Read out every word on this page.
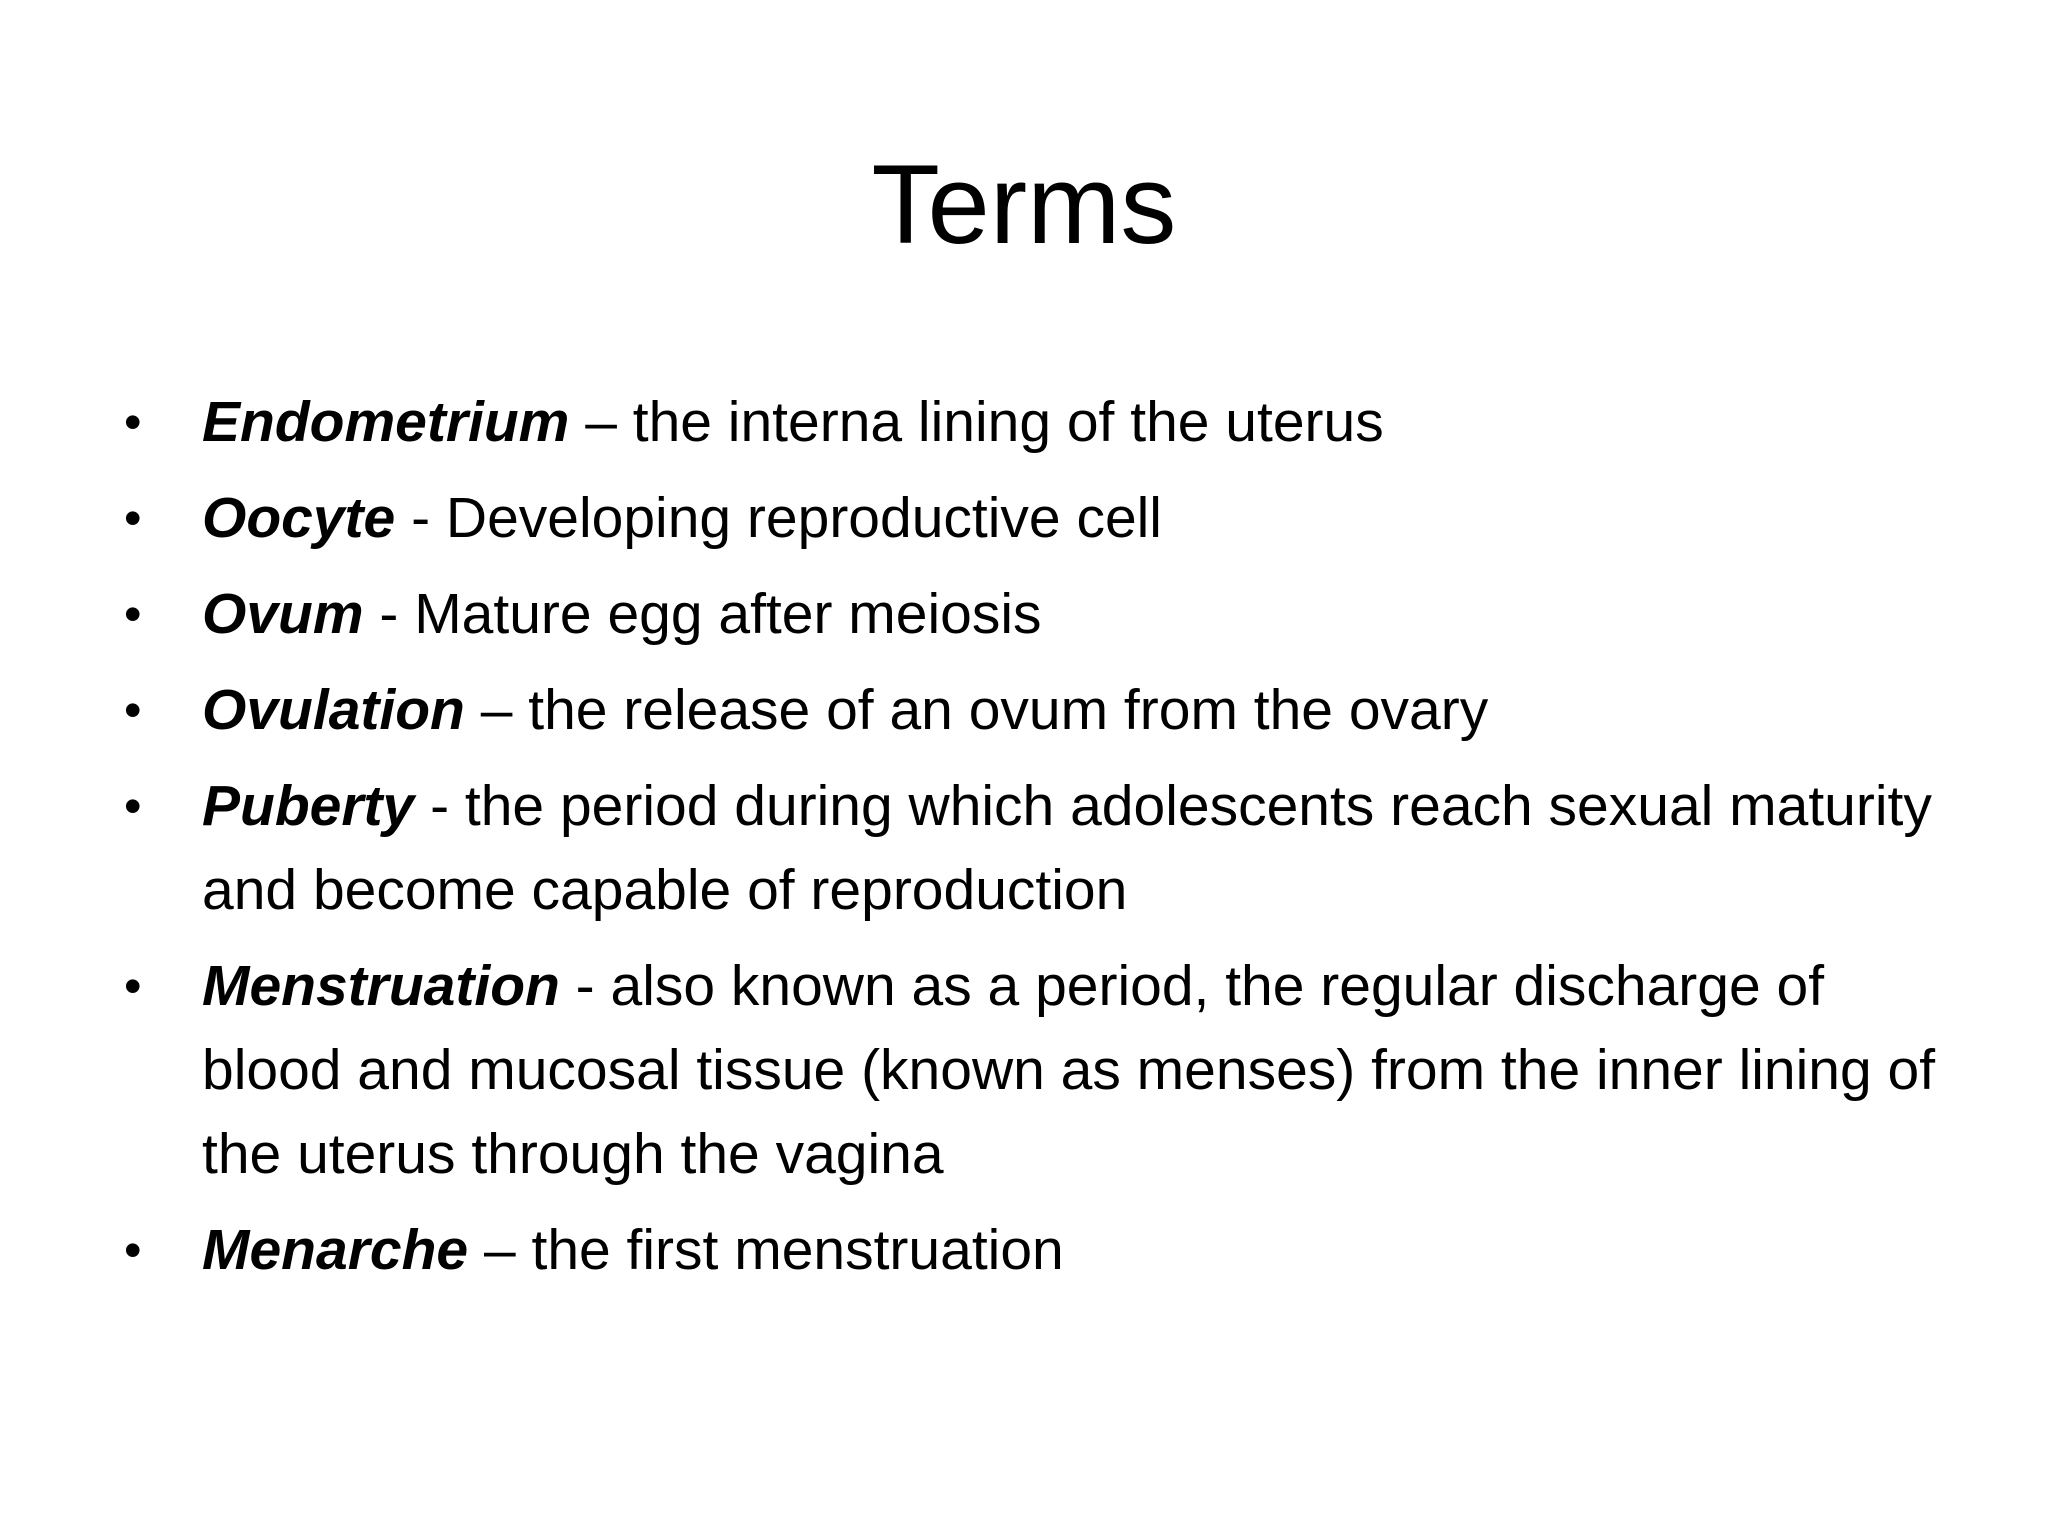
Terms
• Endometrium – the interna lining of the uterus
• Oocyte - Developing reproductive cell
• Ovum - Mature egg after meiosis
• Ovulation – the release of an ovum from the ovary
• Puberty - the period during which adolescents reach sexual maturity and become capable of reproduction
• Menstruation - also known as a period, the regular discharge of blood and mucosal tissue (known as menses) from the inner lining of the uterus through the vagina
• Menarche – the first menstruation
